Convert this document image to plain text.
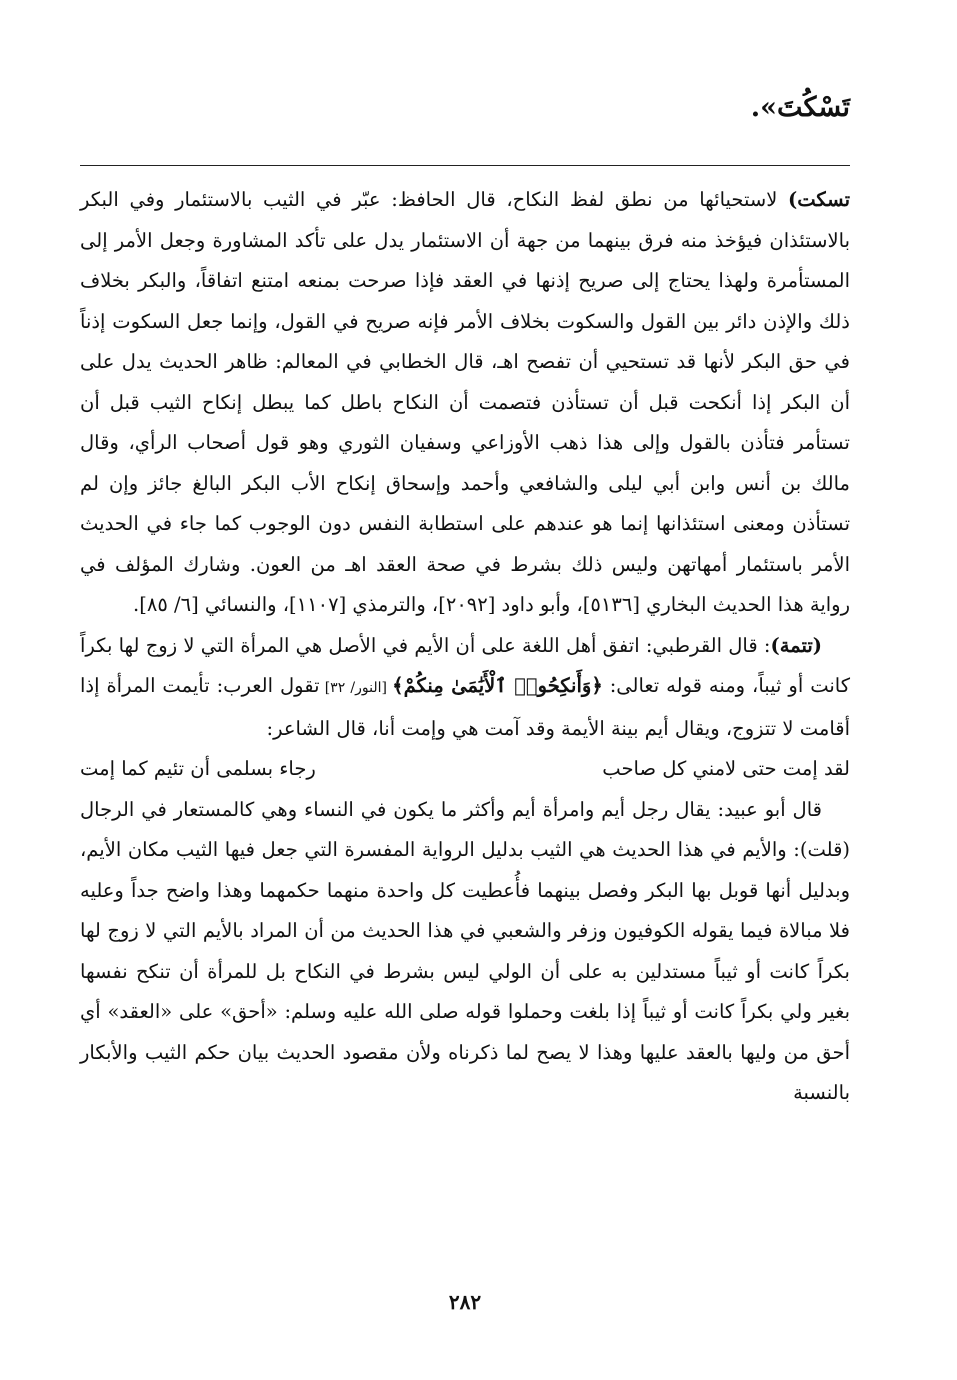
تَسْكُتَ».

تسكت) لاستحيائها من نطق لفظ النكاح، قال الحافظ: عبّر في الثيب بالاستئمار وفي البكر بالاستئذان فيؤخذ منه فرق بينهما من جهة أن الاستئمار يدل على تأكد المشاورة وجعل الأمر إلى المستأمرة ولهذا يحتاج إلى صريح إذنها في العقد فإذا صرحت بمنعه امتنع اتفاقاً، والبكر بخلاف ذلك والإذن دائر بين القول والسكوت بخلاف الأمر فإنه صريح في القول، وإنما جعل السكوت إذناً في حق البكر لأنها قد تستحيي أن تفصح اهـ، قال الخطابي في المعالم: ظاهر الحديث يدل على أن البكر إذا أنكحت قبل أن تستأذن فتصمت أن النكاح باطل كما يبطل إنكاح الثيب قبل أن تستأمر فتأذن بالقول وإلى هذا ذهب الأوزاعي وسفيان الثوري وهو قول أصحاب الرأي، وقال مالك بن أنس وابن أبي ليلى والشافعي وأحمد وإسحاق إنكاح الأب البكر البالغ جائز وإن لم تستأذن ومعنى استئذانها إنما هو عندهم على استطابة النفس دون الوجوب كما جاء في الحديث الأمر باستئمار أمهاتهن وليس ذلك بشرط في صحة العقد اهـ من العون. وشارك المؤلف في رواية هذا الحديث البخاري [٥١٣٦]، وأبو داود [٢٠٩٢]، والترمذي [١١٠٧]، والنسائي [٦/ ٨٥].

(تتمة): قال القرطبي: اتفق أهل اللغة على أن الأيم في الأصل هي المرأة التي لا زوج لها بكراً كانت أو ثيباً، ومنه قوله تعالى: ﴿وَأَنكِحُوا۟ ٱلْأَيَٰمَىٰ مِنكُمْ﴾ [النور/ ٣٢] تقول العرب: تأيمت المرأة إذا أقامت لا تتزوج، ويقال أيم بينة الأيمة وقد آمت هي وإمت أنا، قال الشاعر:

لقد إمت حتى لامني كل صاحب
رجاء بسلمى أن تئيم كما إمت

قال أبو عبيد: يقال رجل أيم وامرأة أيم وأكثر ما يكون في النساء وهي كالمستعار في الرجال (قلت): والأيم في هذا الحديث هي الثيب بدليل الرواية المفسرة التي جعل فيها الثيب مكان الأيم، وبدليل أنها قوبل بها البكر وفصل بينهما فأُعطيت كل واحدة منهما حكمهما وهذا واضح جداً وعليه فلا مبالاة فيما يقوله الكوفيون وزفر والشعبي في هذا الحديث من أن المراد بالأيم التي لا زوج لها بكراً كانت أو ثيباً مستدلين به على أن الولي ليس بشرط في النكاح بل للمرأة أن تنكح نفسها بغير ولي بكراً كانت أو ثيباً إذا بلغت وحملوا قوله صلى الله عليه وسلم: «أحق» على «العقد» أي أحق من وليها بالعقد عليها وهذا لا يصح لما ذكرناه ولأن مقصود الحديث بيان حكم الثيب والأبكار بالنسبة

٢٨٢
